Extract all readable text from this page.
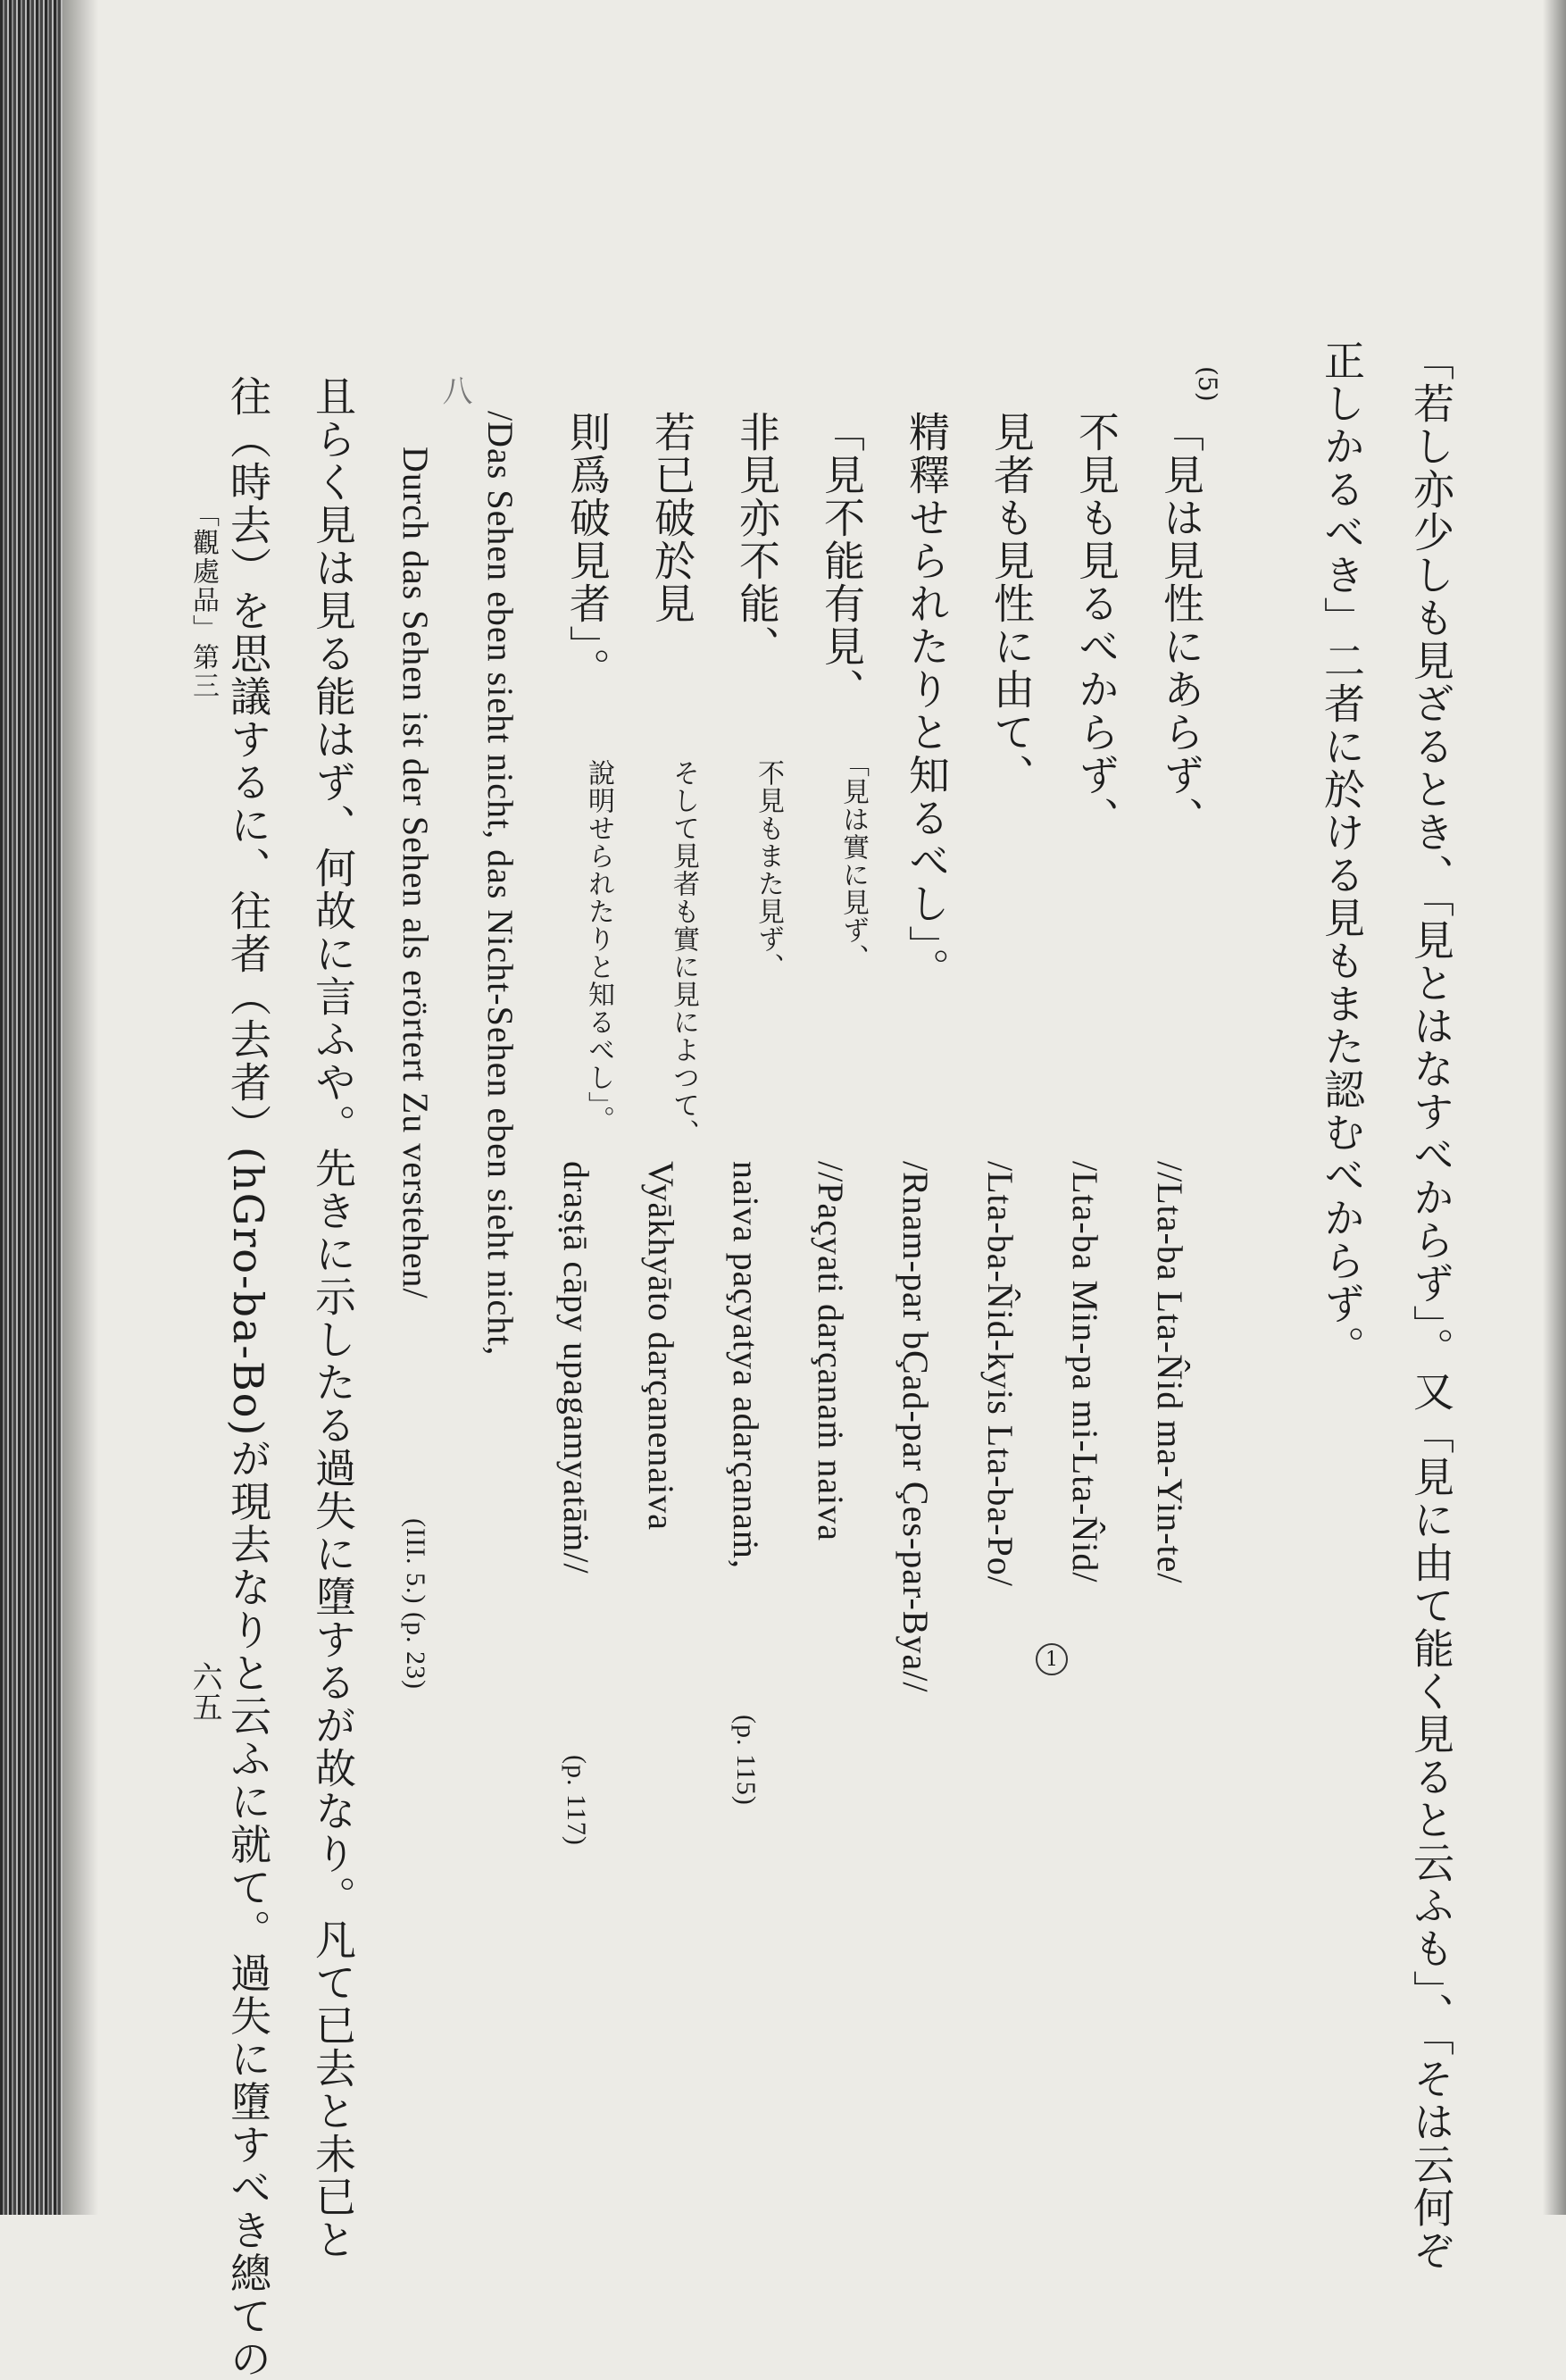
「若し亦少しも見ざるとき、「見とはなすべからず」。又「見に由て能く見ると云ふも」、「そは云何ぞ
正しかるべき」二者に於ける見もまた認むべからず。
(5)
「見は見性にあらず、
不見も見るべからず、
見者も見性に由て、
精釋せられたりと知るべし」。
「見不能有見、
非見亦不能、
若已破於見
則爲破見者」。
「見は實に見ず、
不見もまた見ず、
そして見者も實に見によつて、
說明せられたりと知るべし」。
//Lta-ba Lta-N̂id ma-Yin-te/
/Lta-ba Min-pa mi-Lta-N̂id/
1
/Lta-ba-N̂id-kyis Lta-ba-Po/
/Rnam-par bÇad-par Çes-par-Bya//
//Paçyati darçanaṁ naiva
naiva paçyatya adarçanaṁ,
(p. 115)
Vyākhyāto darçanenaiva
draṣṭā cāpy upagamyatāṁ//
(p. 117)
/Das Sehen eben sieht nicht, das Nicht-Sehen eben sieht nicht,
八
Durch das Sehen ist der Sehen als erörtert Zu verstehen/
(III. 5.) (p. 23)
且らく見は見る能はず、何故に言ふや。先きに示したる過失に墮するが故なり。凡て已去と未已と
往（時去）を思議するに、往者（去者）(hGro-ba-Bo)が現去なりと云ふに就て。過失に墮すべき總ての
「觀處品」第三
六五
